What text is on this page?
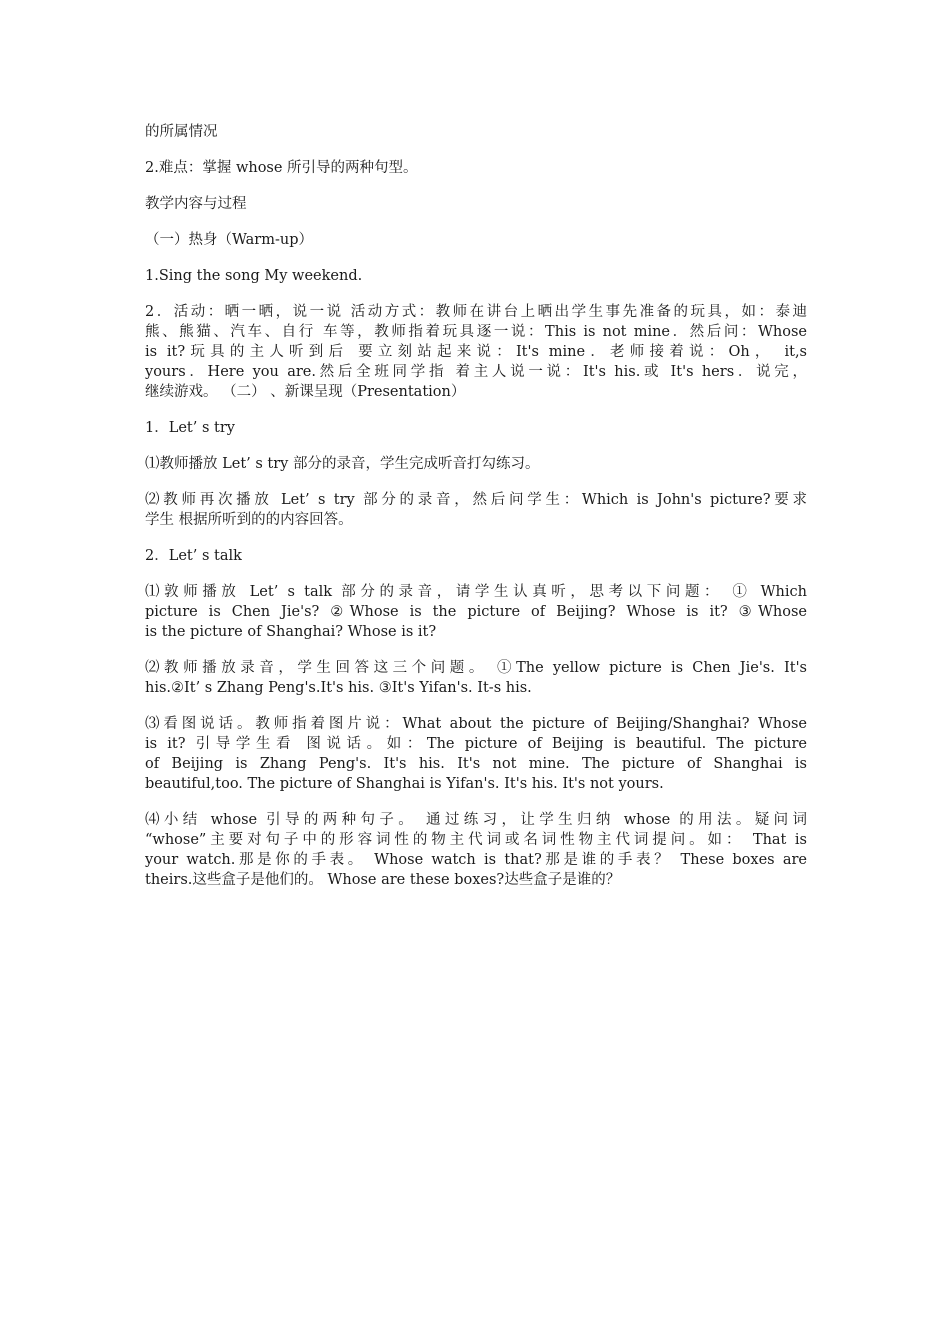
的所属情况
2.难点：掌握 whose 所引导的两种句型。
教学内容与过程
（一）热身（Warm-up）
1.Sing the song My weekend.
2．活动：晒一晒，说一说 活动方式：教师在讲台上晒出学生事先准备的玩具，如：泰迪
熊、熊猫、汽车、自行 车等，教师指着玩具逐一说：This is not mine．然后问：Whose
is it?玩具的主人听到后 要立刻站起来说：It's mine．老师接着说：Oh， it,s
yours．Here you are.然后全班同学指 着主人说一说：It's his.或 It's hers．说完，
继续游戏。 （二） 、新课呈现（Presentation）
1．Let’ s try
⑴教师播放 Let’ s try 部分的录音，学生完成听音打勾练习。
⑵教师再次播放 Let’ s try 部分的录音，然后问学生：Which is John's picture?要求
学生 根据所听到的的内容回答。
2．Let’ s talk
⑴敦师播放 Let’ s talk 部分的录音，请学生认真听，思考以下问题： ① Which
picture is Chen Jie's? ②Whose is the picture of Beijing? Whose is it? ③Whose
is the picture of Shanghai? Whose is it?
⑵教师播放录音，学生回答这三个问题。 ①The yellow picture is Chen Jie's. It's
his.②It’ s Zhang Peng's.It's his. ③It's Yifan's. It-s his.
⑶看图说话。教师指着图片说：What about the picture of Beijing/Shanghai? Whose
is it? 引导学生看 图说话。如：The picture of Beijing is beautiful. The picture
of Beijing is Zhang Peng's. It's his. It's not mine. The picture of Shanghai is
beautiful,too. The picture of Shanghai is Yifan's. It's his. It's not yours.
⑷小结 whose 引导的两种句子。 通过练习，让学生归纳 whose 的用法。疑问词
“whose”主要对句子中的形容词性的物主代词或名词性物主代词提问。如： That is
your watch.那是你的手表。 Whose watch is that?那是谁的手表？ These boxes are
theirs.这些盒子是他们的。 Whose are these boxes?达些盒子是谁的？
